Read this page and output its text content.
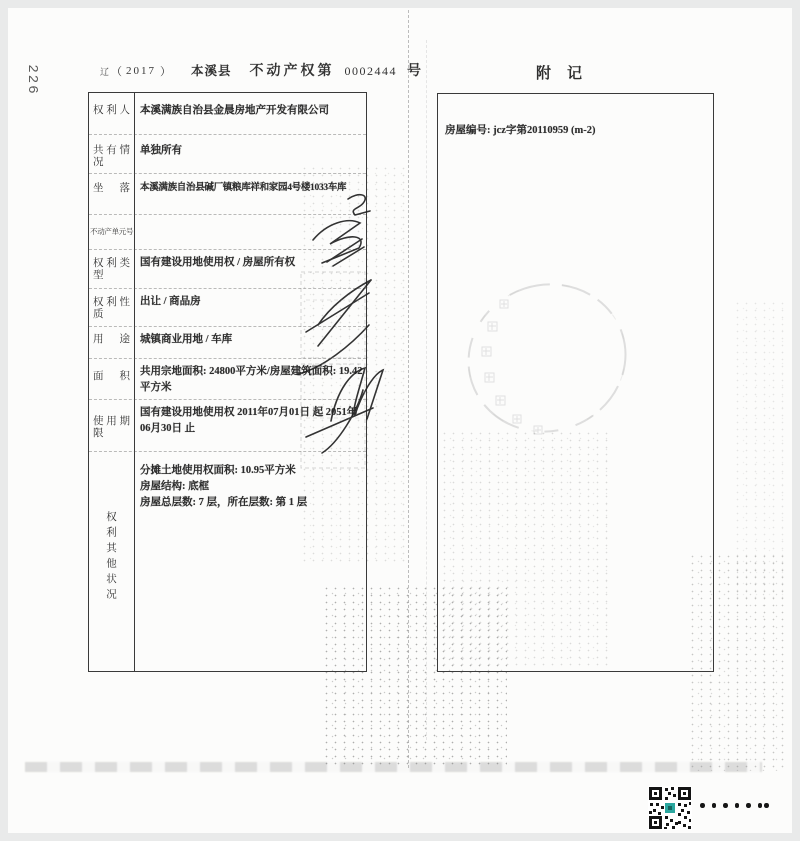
226	辽 （ 2017 ） 本溪县 不动产权第 0002444 号	附记
权利人
共有情况
坐落
不动产单元号
权利类型
权利性质
用途
面积
使用期限
权利其他状况
本溪满族自治县金晨房地产开发有限公司
单独所有
本溪满族自治县碱厂镇粮库祥和家园4号楼1033车库
国有建设用地使用权 / 房屋所有权
出让 / 商品房
城镇商业用地 / 车库
共用宗地面积: 24800平方米/房屋建筑面积: 19.42 平方米
国有建设用地使用权 2011年07月01日 起 2051年06月30日 止
分摊土地使用权面积: 10.95平方米
房屋结构: 底框
房屋总层数: 7 层，所在层数: 第 1 层
房屋编号: jcz字第20110959 (m-2)
